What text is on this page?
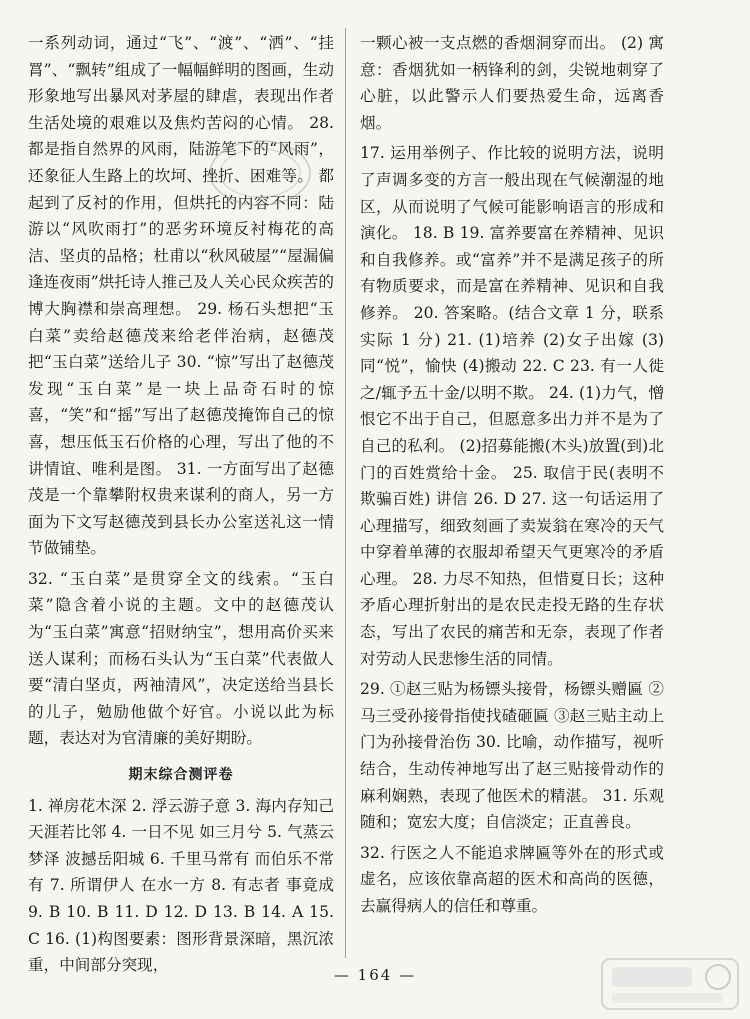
一系列动词，通过“飞”、“渡”、“洒”、“挂罥”、“飘转”组成了一幅幅鲜明的图画，生动形象地写出暴风对茅屋的肆虐，表现出作者生活处境的艰难以及焦灼苦闷的心情。 28. 都是指自然界的风雨，陆游笔下的“风雨”，还象征人生路上的坎坷、挫折、困难等。 都起到了反衬的作用，但烘托的内容不同：陆游以“风吹雨打”的恶劣环境反衬梅花的高洁、坚贞的品格；杜甫以“秋风破屋”“屋漏偏逢连夜雨”烘托诗人推己及人关心民众疾苦的博大胸襟和崇高理想。 29. 杨石头想把“玉白菜”卖给赵德茂来给老伴治病，赵德茂把“玉白菜”送给儿子 30. “惊”写出了赵德茂发现“玉白菜”是一块上品奇石时的惊喜，“笑”和“摇”写出了赵德茂掩饰自己的惊喜，想压低玉石价格的心理，写出了他的不讲情谊、唯利是图。 31. 一方面写出了赵德茂是一个靠攀附权贵来谋利的商人，另一方面为下文写赵德茂到县长办公室送礼这一情节做铺垫。

32. “玉白菜”是贯穿全文的线索。“玉白菜”隐含着小说的主题。文中的赵德茂认为“玉白菜”寓意“招财纳宝”，想用高价买来送人谋利；而杨石头认为“玉白菜”代表做人要“清白坚贞，两袖清风”，决定送给当县长的儿子，勉励他做个好官。小说以此为标题，表达对为官清廉的美好期盼。

期末综合测评卷

1. 禅房花木深 2. 浮云游子意 3. 海内存知己 天涯若比邻 4. 一日不见 如三月兮 5. 气蒸云梦泽 波撼岳阳城 6. 千里马常有 而伯乐不常有 7. 所谓伊人 在水一方 8. 有志者 事竟成 9. B 10. B 11. D 12. D 13. B 14. A 15. C 16. (1)构图要素：图形背景深暗，黑沉浓重，中间部分突现，

一颗心被一支点燃的香烟洞穿而出。 (2) 寓意：香烟犹如一柄锋利的剑，尖锐地刺穿了心脏，以此警示人们要热爱生命，远离香烟。

17. 运用举例子、作比较的说明方法，说明了声调多变的方言一般出现在气候潮湿的地区，从而说明了气候可能影响语言的形成和演化。 18. B 19. 富养要富在养精神、见识和自我修养。或“富养”并不是满足孩子的所有物质要求，而是富在养精神、见识和自我修养。 20. 答案略。(结合文章 1 分，联系实际 1 分) 21. (1)培养 (2)女子出嫁 (3)同“悦”，愉快 (4)搬动 22. C 23. 有一人徙之/辄予五十金/以明不欺。 24. (1)力气，憎恨它不出于自己，但愿意多出力并不是为了自己的私利。 (2)招募能搬(木头)放置(到)北门的百姓赏给十金。 25. 取信于民(表明不欺骗百姓) 讲信 26. D 27. 这一句话运用了心理描写，细致刻画了卖炭翁在寒冷的天气中穿着单薄的衣服却希望天气更寒冷的矛盾心理。 28. 力尽不知热，但惜夏日长；这种矛盾心理折射出的是农民走投无路的生存状态，写出了农民的痛苦和无奈，表现了作者对劳动人民悲惨生活的同情。

29. ①赵三贴为杨镖头接骨，杨镖头赠匾 ②马三受孙接骨指使找碴砸匾 ③赵三贴主动上门为孙接骨治伤 30. 比喻，动作描写，视听结合，生动传神地写出了赵三贴接骨动作的麻利娴熟，表现了他医术的精湛。 31. 乐观随和；宽宏大度；自信淡定；正直善良。

32. 行医之人不能追求牌匾等外在的形式或虚名，应该依靠高超的医术和高尚的医德，去赢得病人的信任和尊重。

— 164 —
